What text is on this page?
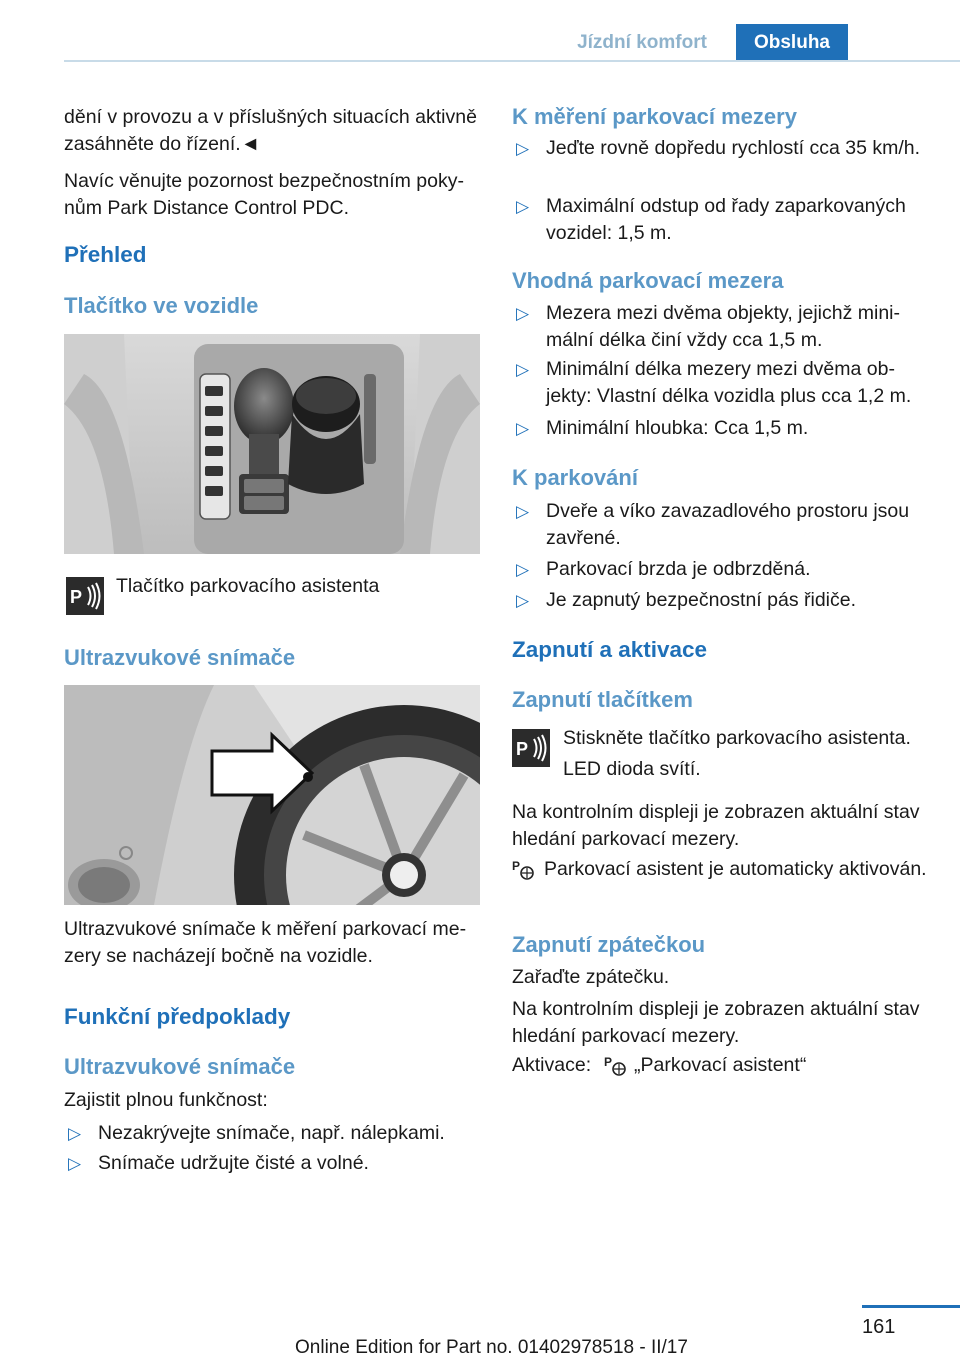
Jízdní komfort	Obsluha
dění v provozu a v příslušných situacích aktivně zasáhněte do řízení.◄
Navíc věnujte pozornost bezpečnostním pokynům Park Distance Control PDC.
Přehled
Tlačítko ve vozidle
P Tlačítko parkovacího asistenta
Ultrazvukové snímače
Ultrazvukové snímače k měření parkovací mezery se nacházejí bočně na vozidle.
Funkční předpoklady
Ultrazvukové snímače
Zajistit plnou funkčnost:
▷ Nezakrývejte snímače, např. nálepkami.
▷ Snímače udržujte čisté a volné.
K měření parkovací mezery
▷ Jeďte rovně dopředu rychlostí cca 35 km/h.
▷ Maximální odstup od řady zaparkovaných vozidel: 1,5 m.
Vhodná parkovací mezera
▷ Mezera mezi dvěma objekty, jejichž minimální délka činí vždy cca 1,5 m.
▷ Minimální délka mezery mezi dvěma objekty: Vlastní délka vozidla plus cca 1,2 m.
▷ Minimální hloubka: Cca 1,5 m.
K parkování
▷ Dveře a víko zavazadlového prostoru jsou zavřené.
▷ Parkovací brzda je odbrzděná.
▷ Je zapnutý bezpečnostní pás řidiče.
Zapnutí a aktivace
Zapnutí tlačítkem
P Stiskněte tlačítko parkovacího asistenta.
LED dioda svítí.
Na kontrolním displeji je zobrazen aktuální stav hledání parkovací mezery.
Parkovací asistent je automaticky aktivován.
P
Zapnutí zpátečkou
Zařaďte zpátečku.
Na kontrolním displeji je zobrazen aktuální stav hledání parkovací mezery.
Aktivace: P „Parkovací asistent“
161
Online Edition for Part no. 01402978518 - II/17
